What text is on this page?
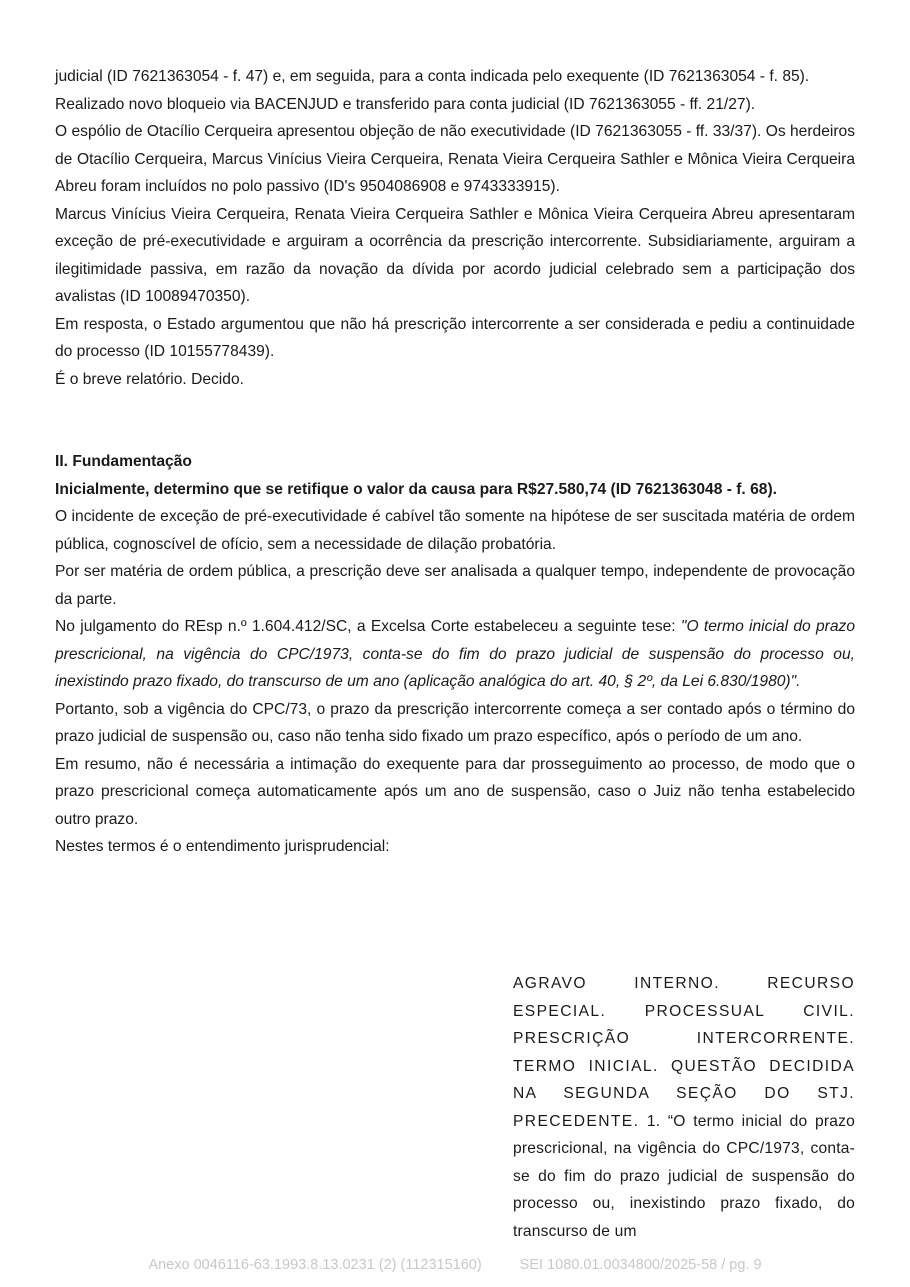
judicial (ID 7621363054 - f. 47) e, em seguida, para a conta indicada pelo exequente (ID 7621363054 - f. 85).

Realizado novo bloqueio via BACENJUD e transferido para conta judicial (ID 7621363055 - ff. 21/27).

O espólio de Otacílio Cerqueira apresentou objeção de não executividade (ID 7621363055 - ff. 33/37). Os herdeiros de Otacílio Cerqueira, Marcus Vinícius Vieira Cerqueira, Renata Vieira Cerqueira Sathler e Mônica Vieira Cerqueira Abreu foram incluídos no polo passivo (ID's 9504086908 e 9743333915).

Marcus Vinícius Vieira Cerqueira, Renata Vieira Cerqueira Sathler e Mônica Vieira Cerqueira Abreu apresentaram exceção de pré-executividade e arguiram a ocorrência da prescrição intercorrente. Subsidiariamente, arguiram a ilegitimidade passiva, em razão da novação da dívida por acordo judicial celebrado sem a participação dos avalistas (ID 10089470350).

Em resposta, o Estado argumentou que não há prescrição intercorrente a ser considerada e pediu a continuidade do processo (ID 10155778439).

É o breve relatório. Decido.

II. Fundamentação

Inicialmente, determino que se retifique o valor da causa para R$27.580,74 (ID 7621363048 - f. 68).

O incidente de exceção de pré-executividade é cabível tão somente na hipótese de ser suscitada matéria de ordem pública, cognoscível de ofício, sem a necessidade de dilação probatória.

Por ser matéria de ordem pública, a prescrição deve ser analisada a qualquer tempo, independente de provocação da parte.

No julgamento do REsp n.º 1.604.412/SC, a Excelsa Corte estabeleceu a seguinte tese: "O termo inicial do prazo prescricional, na vigência do CPC/1973, conta-se do fim do prazo judicial de suspensão do processo ou, inexistindo prazo fixado, do transcurso de um ano (aplicação analógica do art. 40, § 2º, da Lei 6.830/1980)".

Portanto, sob a vigência do CPC/73, o prazo da prescrição intercorrente começa a ser contado após o término do prazo judicial de suspensão ou, caso não tenha sido fixado um prazo específico, após o período de um ano.

Em resumo, não é necessária a intimação do exequente para dar prosseguimento ao processo, de modo que o prazo prescricional começa automaticamente após um ano de suspensão, caso o Juiz não tenha estabelecido outro prazo.

Nestes termos é o entendimento jurisprudencial:

AGRAVO INTERNO. RECURSO ESPECIAL. PROCESSUAL CIVIL. PRESCRIÇÃO INTERCORRENTE. TERMO INICIAL. QUESTÃO DECIDIDA NA SEGUNDA SEÇÃO DO STJ. PRECEDENTE. 1. “O termo inicial do prazo prescricional, na vigência do CPC/1973, conta-se do fim do prazo judicial de suspensão do processo ou, inexistindo prazo fixado, do transcurso de um

Anexo 0046116-63.1993.8.13.0231 (2) (112315160)	SEI 1080.01.0034800/2025-58 / pg. 9
